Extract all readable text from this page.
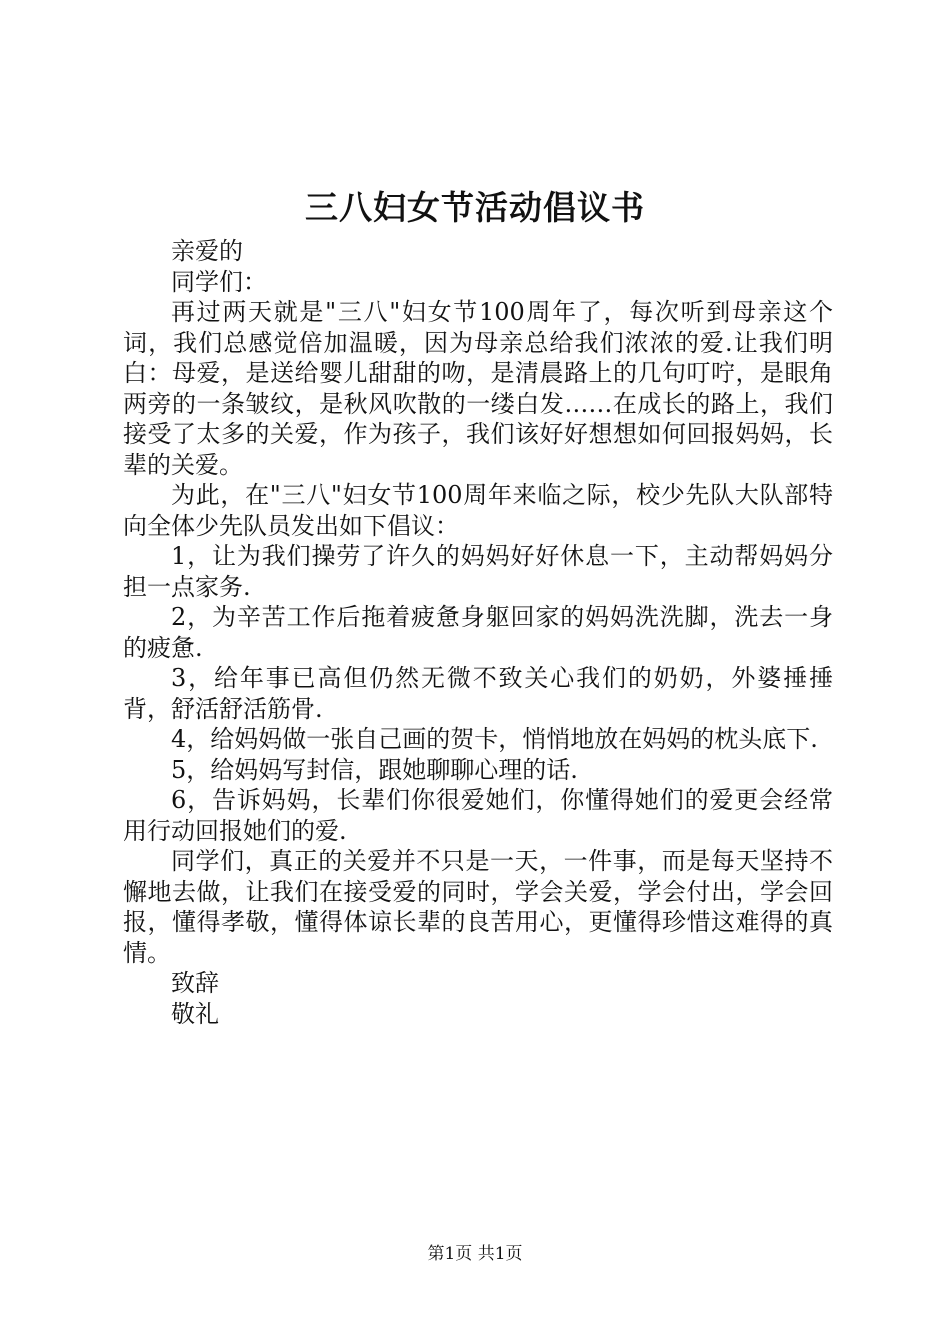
三八妇女节活动倡议书

亲爱的

同学们：

再过两天就是"三八"妇女节100周年了，每次听到母亲这个词，我们总感觉倍加温暖，因为母亲总给我们浓浓的爱.让我们明白：母爱，是送给婴儿甜甜的吻，是清晨路上的几句叮咛，是眼角两旁的一条皱纹，是秋风吹散的一缕白发……在成长的路上，我们接受了太多的关爱，作为孩子，我们该好好想想如何回报妈妈，长辈的关爱。

为此，在"三八"妇女节100周年来临之际，校少先队大队部特向全体少先队员发出如下倡议：

1，让为我们操劳了许久的妈妈好好休息一下，主动帮妈妈分担一点家务.

2，为辛苦工作后拖着疲惫身躯回家的妈妈洗洗脚，洗去一身的疲惫.

3，给年事已高但仍然无微不致关心我们的奶奶，外婆捶捶背，舒活舒活筋骨.

4，给妈妈做一张自己画的贺卡，悄悄地放在妈妈的枕头底下.

5，给妈妈写封信，跟她聊聊心理的话.

6，告诉妈妈，长辈们你很爱她们，你懂得她们的爱更会经常用行动回报她们的爱.

同学们，真正的关爱并不只是一天，一件事，而是每天坚持不懈地去做，让我们在接受爱的同时，学会关爱，学会付出，学会回报，懂得孝敬，懂得体谅长辈的良苦用心，更懂得珍惜这难得的真情。

致辞

敬礼

第1页 共1页
